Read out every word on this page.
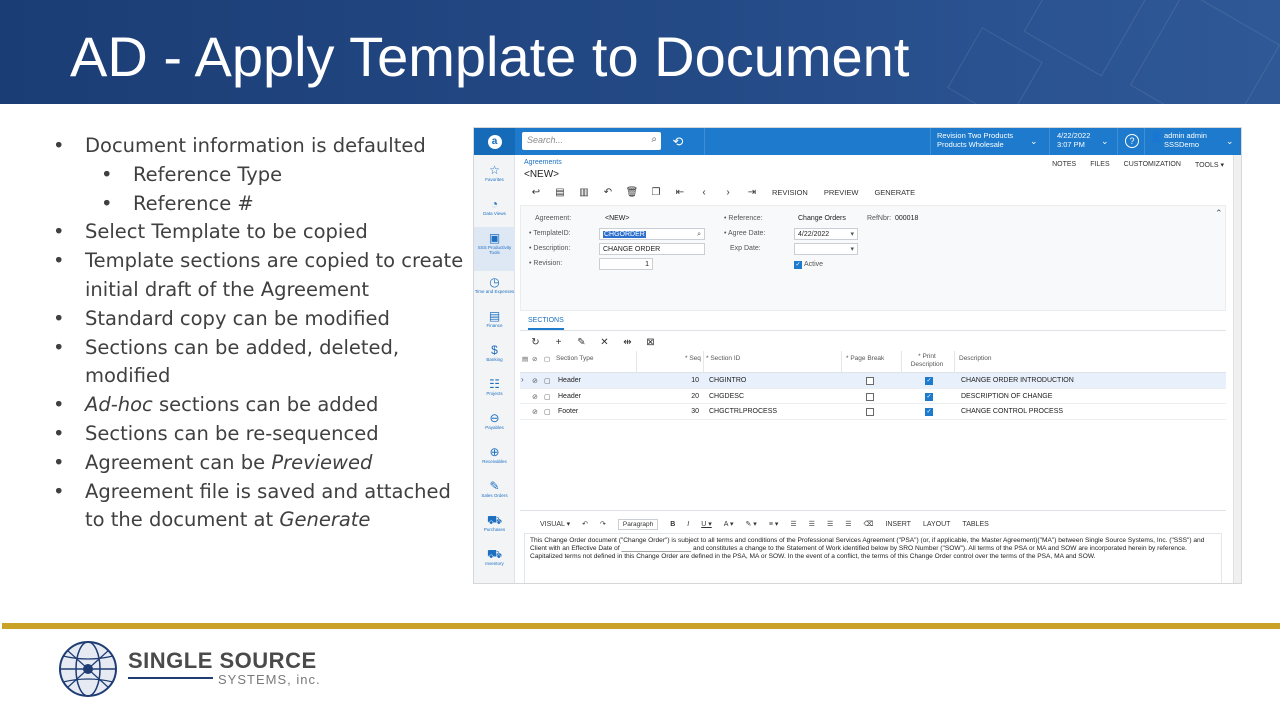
AD - Apply Template to Document
• Document information is defaulted
• Reference Type
• Reference #
• Select Template to be copied
• Template sections are copied to create initial draft of the Agreement
• Standard copy can be modified
• Sections can be added, deleted, modified
• Ad-hoc sections can be added
• Sections can be re-sequenced
• Agreement can be Previewed
• Agreement file is saved and attached to the document at Generate
a	Search...	⌕	⟲	Revision Two Products
Products Wholesale	⌄
4/22/2022
3:07 PM	⌄	?	👤 admin admin
SSSDemo	⌄
☆
Favorites
◔
Data Views
▣
SSS Productivity Tools
◷
Time and Expenses
▤
Finance
$
Banking
☷
Projects
⊖
Payables
⊕
Receivables
✎
Sales Orders
⛟
Purchases
⛟
Inventory
Agreements
<NEW>
NOTES FILES CUSTOMIZATION TOOLS ▾
↩	▤	▥	↶	🗑	❐	⇤	‹	›	⇥	REVISION	PREVIEW	GENERATE
Agreement:	<NEW>
• TemplateID:	CHGORDER	⌕
• Description:	CHANGE ORDER
• Revision:	1
• Reference:	Change Orders	RefNbr: 000018
• Agree Date:	4/22/2022	▾
Exp Date:	▾
✓ Active
⌃
SECTIONS
↻	+	✎	✕	⇹	⊠
▤ ⊘ ▢ Section Type	* Seq * Section ID	* Page Break	* Print Description
Description
› ⊘ ▢ Header	10 CHGINTRO	✓	CHANGE ORDER INTRODUCTION
⊘ ▢ Header	20 CHGDESC	✓	DESCRIPTION OF CHANGE
⊘ ▢ Footer	30 CHGCTRLPROCESS	✓	CHANGE CONTROL PROCESS
VISUAL ▾	↶	↷	Paragraph	B	I	U ▾	A ▾	✎ ▾	≡ ▾	☰	☰	☰	☰	⌫	INSERT	LAYOUT	TABLES
This Change Order document ("Change Order") is subject to all terms and conditions of the Professional Services Agreement ("PSA") (or, if applicable, the Master Agreement)("MA") between Single Source Systems, Inc. ("SSS") and Client with an Effective Date of ___________________ and constitutes a change to the Statement of Work identified below by SRO Number ("SOW"). All terms of the PSA or MA and SOW are incorporated herein by reference. Capitalized terms not defined in this Change Order are defined in the PSA, MA or SOW. In the event of a conflict, the terms of this Change Order control over the terms of the PSA, MA and SOW.
SINGLE SOURCE
SYSTEMS, inc.
